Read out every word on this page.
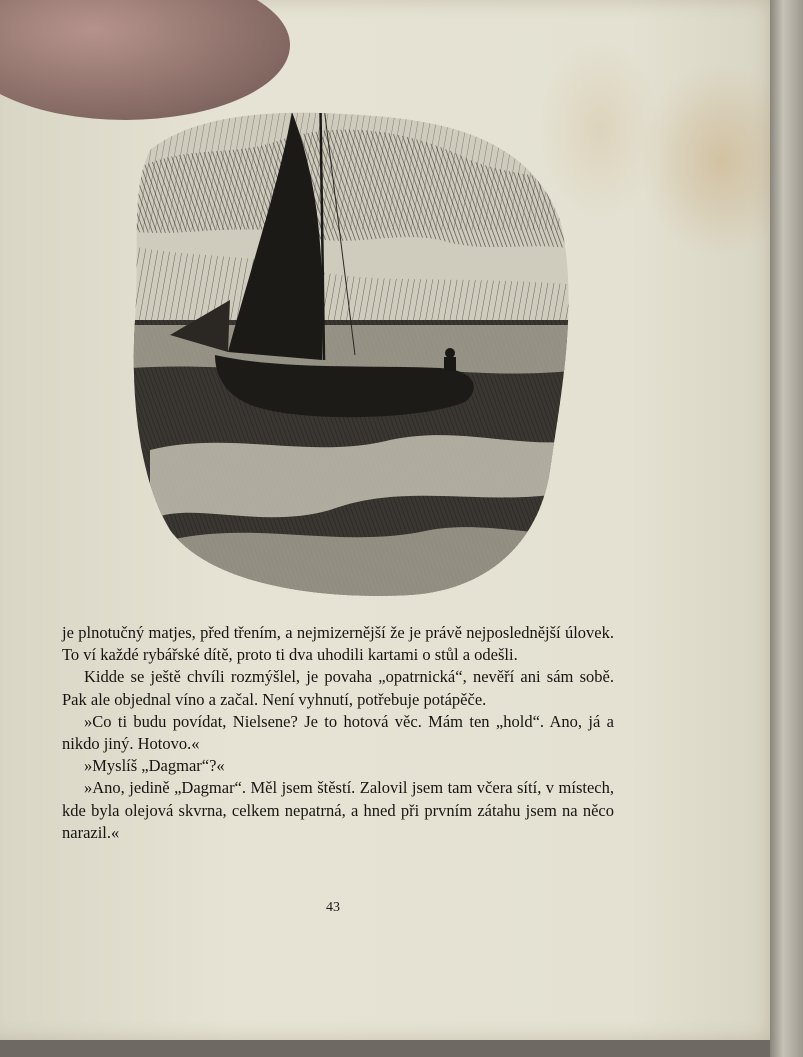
je plnotučný matjes, před třením, a nejmizernější že je právě nejposlednější úlovek. To ví každé rybářské dítě, proto ti dva uhodili kartami o stůl a odešli.

Kidde se ještě chvíli rozmýšlel, je povaha „opatrnická“, nevěří ani sám sobě. Pak ale objednal víno a začal. Není vyhnutí, potřebuje potápěče.

»Co ti budu povídat, Nielsene? Je to hotová věc. Mám ten „hold“. Ano, já a nikdo jiný. Hotovo.«

»Myslíš „Dagmar“?«

»Ano, jedině „Dagmar“. Měl jsem štěstí. Zalovil jsem tam včera sítí, v místech, kde byla olejová skvrna, celkem nepatrná, a hned při prvním zátahu jsem na něco narazil.«

43
